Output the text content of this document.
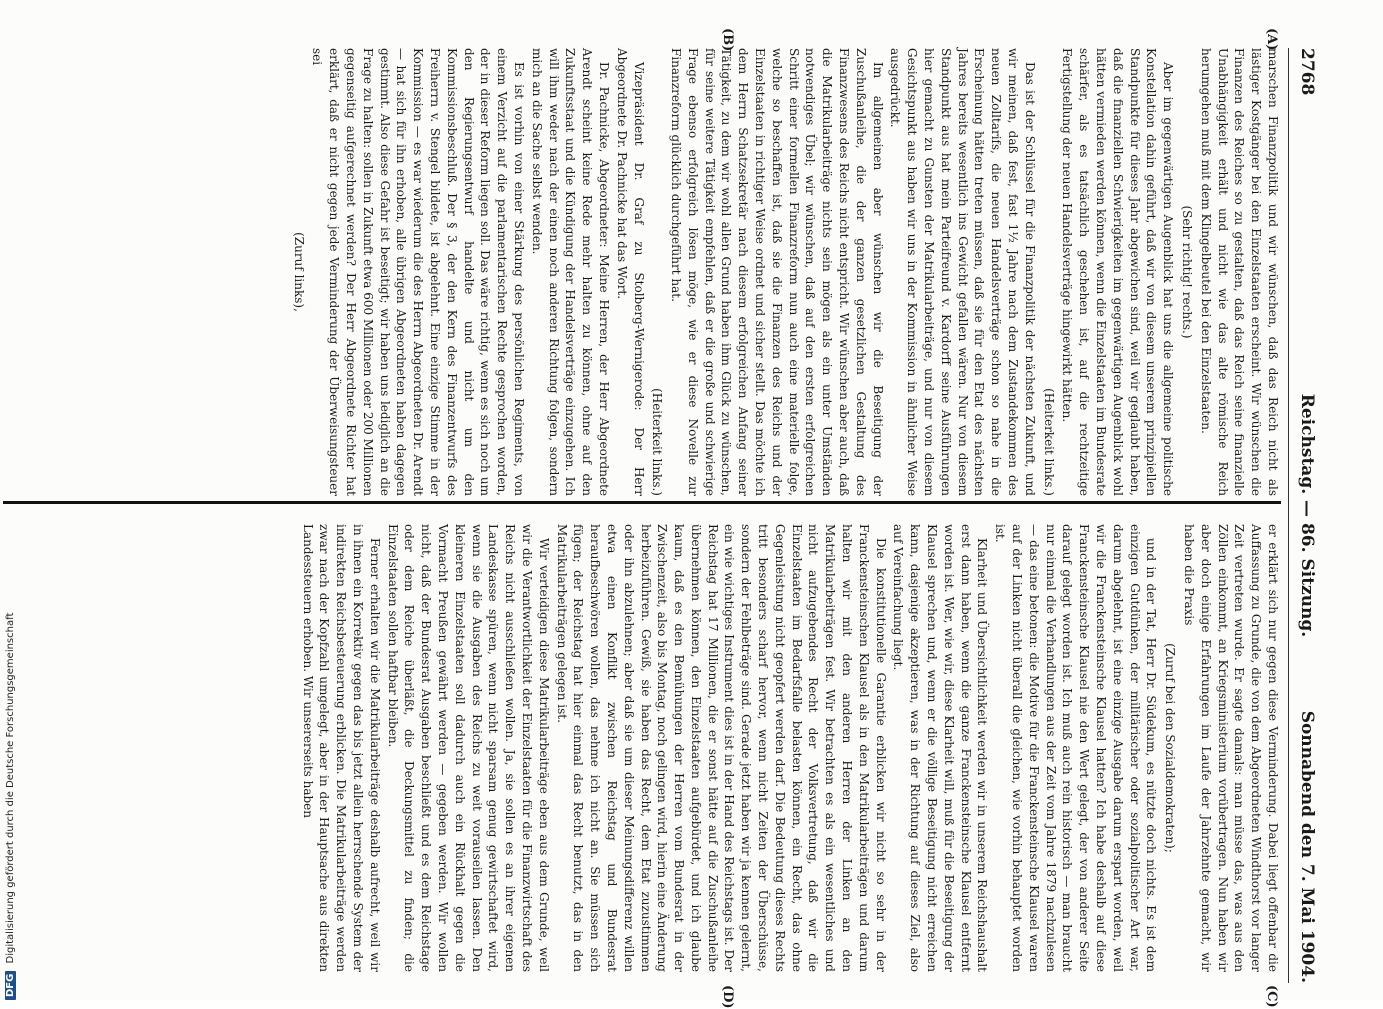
2768
Reichstag. — 86. Sitzung.
Sonnabend den 7. Mai 1904.
(A)
(B)
(C)
(D)

marschen Finanzpolitik und wir wünschen, daß das Reich nicht als lästiger Kostgänger bei den Einzelstaaten erscheint. Wir wünschen die Finanzen des Reiches so zu gestalten, daß das Reich seine finanzielle Unabhängigkeit erhält und nicht wie das alte römische Reich herumgehen muß mit dem Klingelbeutel bei den Einzelstaaten.

(Sehr richtig! rechts.)

Aber im gegenwärtigen Augenblick hat uns die allgemeine politische Konstellation dahin geführt, daß wir von diesem unserem prinzipiellen Standpunkte für dieses Jahr abgewichen sind, weil wir geglaubt haben, daß die finanziellen Schwierigkeiten im gegenwärtigen Augenblick wohl hätten vermieden werden können, wenn die Einzelstaaten im Bundesrate schärfer, als es tatsächlich geschehen ist, auf die rechtzeitige Fertigstellung der neuen Handelsverträge hingewirkt hätten.

(Heiterkeit links.)

Das ist der Schlüssel für die Finanzpolitik der nächsten Zukunft, und wir meinen, daß fest, fast 1½ Jahre nach dem Zustandekommen des neuen Zolltarifs, die neuen Handelsverträge schon so nahe in die Erscheinung hätten treten müssen, daß sie für den Etat des nächsten Jahres bereits wesentlich ins Gewicht gefallen wären. Nur von diesem Standpunkt aus hat mein Parteifreund v. Kardorff seine Ausführungen hier gemacht zu Gunsten der Matrikularbeiträge, und nur von diesem Gesichtspunkt aus haben wir uns in der Kommission in ähnlicher Weise ausgedrückt.

Im allgemeinen aber wünschen wir die Beseitigung der Zuschußanleihe, die der ganzen gesetzlichen Gestaltung des Finanzwesens des Reichs nicht entspricht. Wir wünschen aber auch, daß die Matrikularbeiträge nichts sein mögen als ein unter Umständen notwendiges Übel; wir wünschen, daß auf den ersten erfolgreichen Schritt einer formellen Finanzreform nun auch eine materielle folge, welche so beschaffen ist, daß sie die Finanzen des Reichs und der Einzelstaaten in richtiger Weise ordnet und sicher stellt. Das möchte ich dem Herrn Schatzsekretär nach diesem erfolgreichen Anfang seiner Tätigkeit, zu dem wir wohl allen Grund haben ihm Glück zu wünschen, für seine weitere Tätigkeit empfehlen, daß er die große und schwierige Frage ebenso erfolgreich lösen möge, wie er diese Novelle zur Finanzreform glücklich durchgeführt hat.

(Heiterkeit links.)

Vizepräsident Dr. Graf zu Stolberg-Wernigerode: Der Herr Abgeordnete Dr. Pachnicke hat das Wort.

Dr. Pachnicke, Abgeordneter: Meine Herren, der Herr Abgeordnete Arendt scheint keine Rede mehr halten zu können, ohne auf den Zukunftsstaat und die Kündigung der Handelsverträge einzugehen. Ich will ihm weder nach der einen noch anderen Richtung folgen, sondern mich an die Sache selbst wenden.

Es ist vorhin von einer Stärkung des persönlichen Regiments, von einem Verzicht auf die parlamentarischen Rechte gesprochen worden, der in dieser Reform liegen soll. Das wäre richtig, wenn es sich noch um den Regierungsentwurf handelte und nicht um den Kommissionsbeschluß. Der § 3, der den Kern des Finanzentwurfs des Freiherrn v. Stengel bildete, ist abgelehnt. Eine einzige Stimme in der Kommission — es war wiederum die des Herrn Abgeordneten Dr. Arendt — hat sich für ihn erhoben, alle übrigen Abgeordneten haben dagegen gestimmt. Also diese Gefahr ist beseitigt; wir haben uns lediglich an die Frage zu halten: sollen in Zukunft etwa 600 Millionen oder 200 Millionen gegenseitig aufgerechnet werden? Der Herr Abgeordnete Richter hat erklärt, daß er nicht gegen jede Verminderung der Überweisungsteuer sei

(Zuruf links),

er erklärt sich nur gegen diese Verminderung. Dabei liegt offenbar die Auffassung zu Grunde, die von dem Abgeordneten Windthorst vor langer Zeit vertreten wurde. Er sagte damals: man müsse das, was aus den Zöllen einkommt, an Kriegsministerium vorübertragen. Nun haben wir aber doch einige Erfahrungen im Laufe der Jahrzehnte gemacht, wir haben die Praxis

(Zuruf bei den Sozialdemokraten);

und in der Tat, Herr Dr. Südekum, es nützte doch nichts. Es ist dem einzigen Gutdünken, der militärischer oder sozialpolitischer Art war, darum abgelehnt, ist eine einzige Ausgabe darum erspart worden, weil wir die Franckensteinsche Klausel hatten? Ich habe deshalb auf diese Franckensteinsche Klausel nie den Wert gelegt, der von anderer Seite darauf gelegt worden ist. Ich muß auch rein historisch — man braucht nur einmal die Verhandlungen aus der Zeit vom Jahre 1879 nachzulesen — das eine betonen: die Motive für die Franckensteinsche Klausel waren auf der Linken nicht überall die gleichen, wie vorhin behauptet worden ist.

Klarheit und Übersichtlichkeit werden wir in unserem Reichshaushalt erst dann haben, wenn die ganze Franckensteinsche Klausel entfernt worden ist. Wer, wie wir, diese Klarheit will, muß für die Beseitigung der Klausel sprechen und, wenn er die völlige Beseitigung nicht erreichen kann, dasjenige akzeptieren, was in der Richtung auf dieses Ziel, also auf Vereinfachung liegt.

Die konstitutionelle Garantie erblicken wir nicht so sehr in der Franckensteinschen Klausel als in den Matrikularbeiträgen und darum halten wir mit den anderen Herren der Linken an den Matrikularbeiträgen fest. Wir betrachten es als ein wesentliches und nicht aufzugebendes Recht der Volksvertretung, daß wir die Einzelstaaten im Bedarfsfalle belasten können, ein Recht, das ohne Gegenleistung nicht geopfert werden darf. Die Bedeutung dieses Rechts tritt besonders scharf hervor, wenn nicht Zeiten der Überschüsse, sondern der Fehlbeträge sind. Gerade jetzt haben wir ja kennen gelernt, ein wie wichtiges Instrument dies ist in der Hand des Reichstags ist. Der Reichstag hat 17 Millionen, die er sonst hätte auf die Zuschußanleihe übernehmen können, den Einzelstaaten aufgebürdet, und ich glaube kaum, daß es den Bemühungen der Herren vom Bundesrat in der Zwischenzeit, also bis Montag, noch gelingen wird, hierin eine Änderung herbeizuführen. Gewiß, sie haben das Recht, dem Etat zuzustimmen oder ihn abzulehnen; aber daß sie um dieser Meinungsdifferenz willen etwa einen Konflikt zwischen Reichstag und Bundesrat heraufbeschwören wollen, das nehme ich nicht an. Sie müssen sich fügen; der Reichstag hat hier einmal das Recht benutzt, das in den Matrikularbeiträgen gelegen ist.

Wir verteidigen diese Matrikularbeiträge eben aus dem Grunde, weil wir die Verantwortlichkeit der Einzelstaaten für die Finanzwirtschaft des Reichs nicht ausschließen wollen. Ja, sie sollen es an ihrer eigenen Landeskasse spüren, wenn nicht sparsam genug gewirtschaftet wird, wenn sie die Ausgaben des Reichs zu weit vorauseilen lassen. Den kleineren Einzelstaaten soll dadurch auch ein Rückhalt gegen die Vormacht Preußen gewährt werden — gegeben werden. Wir wollen nicht, daß der Bundesrat Ausgaben beschließt und es dem Reichstage oder dem Reiche überläßt, die Deckungsmittel zu finden; die Einzelstaaten sollen haftbar bleiben.

Ferner erhalten wir die Matrikularbeiträge deshalb aufrecht, weil wir in ihnen ein Korrektiv gegen das bis jetzt allein herrschende System der indirekten Reichsbesteuerung erblicken. Die Matrikularbeiträge werden zwar nach der Kopfzahl umgelegt, aber in der Hauptsache aus direkten Landessteuern erhoben. Wir unsererseits haben

DFG Digitalisierung gefördert durch die Deutsche Forschungsgemeinschaft
